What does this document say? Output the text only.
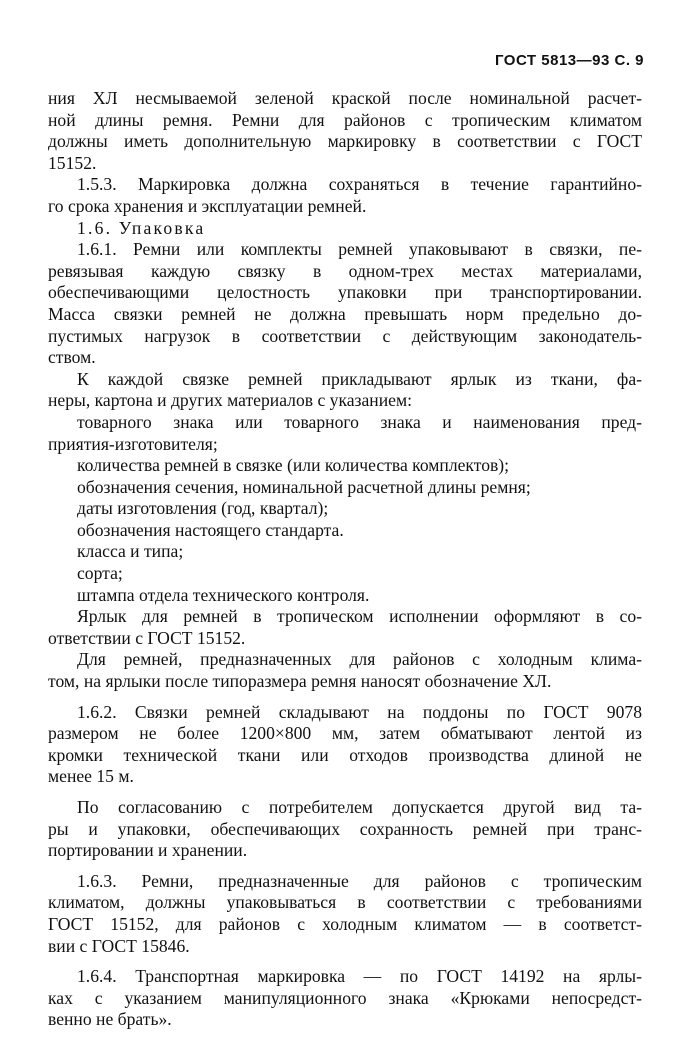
ГОСТ 5813—93 С. 9
ния ХЛ несмываемой зеленой краской после номинальной расчет-
ной длины ремня. Ремни для районов с тропическим климатом
должны иметь дополнительную маркировку в соответствии с ГОСТ
15152.
1.5.3. Маркировка должна сохраняться в течение гарантийно-
го срока хранения и эксплуатации ремней.
1.6. Упаковка
1.6.1. Ремни или комплекты ремней упаковывают в связки, пе-
ревязывая каждую связку в одном-трех местах материалами,
обеспечивающими целостность упаковки при транспортировании.
Масса связки ремней не должна превышать норм предельно до-
пустимых нагрузок в соответствии с действующим законодатель-
ством.
К каждой связке ремней прикладывают ярлык из ткани, фа-
неры, картона и других материалов с указанием:
товарного знака или товарного знака и наименования пред-
приятия-изготовителя;
количества ремней в связке (или количества комплектов);
обозначения сечения, номинальной расчетной длины ремня;
даты изготовления (год, квартал);
обозначения настоящего стандарта.
класса и типа;
сорта;
штампа отдела технического контроля.
Ярлык для ремней в тропическом исполнении оформляют в со-
ответствии с ГОСТ 15152.
Для ремней, предназначенных для районов с холодным клима-
том, на ярлыки после типоразмера ремня наносят обозначение ХЛ.
1.6.2. Связки ремней складывают на поддоны по ГОСТ 9078
размером не более 1200×800 мм, затем обматывают лентой из
кромки технической ткани или отходов производства длиной не
менее 15 м.
По согласованию с потребителем допускается другой вид та-
ры и упаковки, обеспечивающих сохранность ремней при транс-
портировании и хранении.
1.6.3. Ремни, предназначенные для районов с тропическим
климатом, должны упаковываться в соответствии с требованиями
ГОСТ 15152, для районов с холодным климатом — в соответст-
вии с ГОСТ 15846.
1.6.4. Транспортная маркировка — по ГОСТ 14192 на ярлы-
ках с указанием манипуляционного знака «Крюками непосредст-
венно не брать».
